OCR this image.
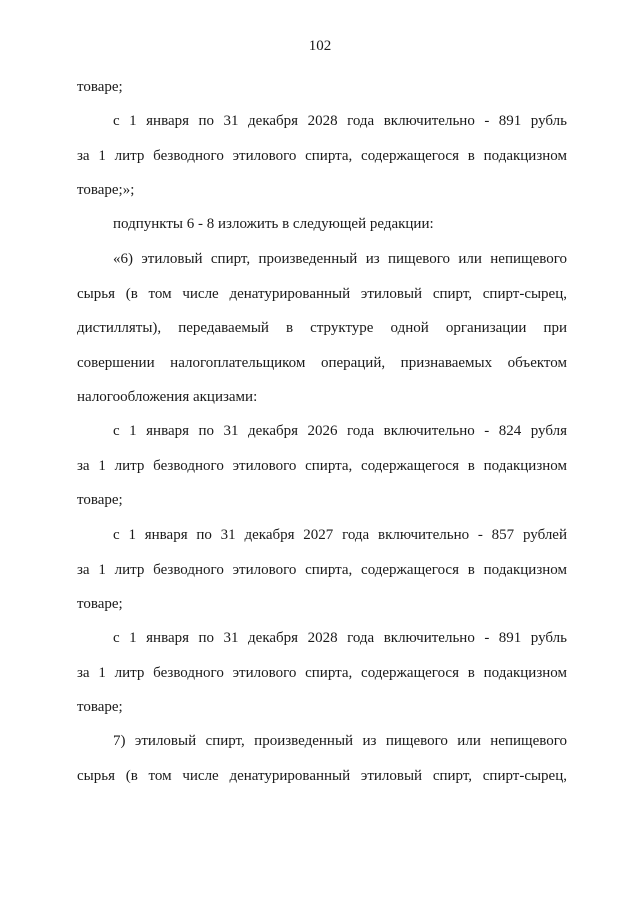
102
товаре;
с 1 января по 31 декабря 2028 года включительно - 891 рубль
за 1 литр безводного этилового спирта, содержащегося в подакцизном
товаре;»;
подпункты 6 - 8 изложить в следующей редакции:
«6) этиловый спирт, произведенный из пищевого или непищевого
сырья (в том числе денатурированный этиловый спирт, спирт-сырец,
дистилляты), передаваемый в структуре одной организации при
совершении налогоплательщиком операций, признаваемых объектом
налогообложения акцизами:
с 1 января по 31 декабря 2026 года включительно - 824 рубля
за 1 литр безводного этилового спирта, содержащегося в подакцизном
товаре;
с 1 января по 31 декабря 2027 года включительно - 857 рублей
за 1 литр безводного этилового спирта, содержащегося в подакцизном
товаре;
с 1 января по 31 декабря 2028 года включительно - 891 рубль
за 1 литр безводного этилового спирта, содержащегося в подакцизном
товаре;
7) этиловый спирт, произведенный из пищевого или непищевого
сырья (в том числе денатурированный этиловый спирт, спирт-сырец,
